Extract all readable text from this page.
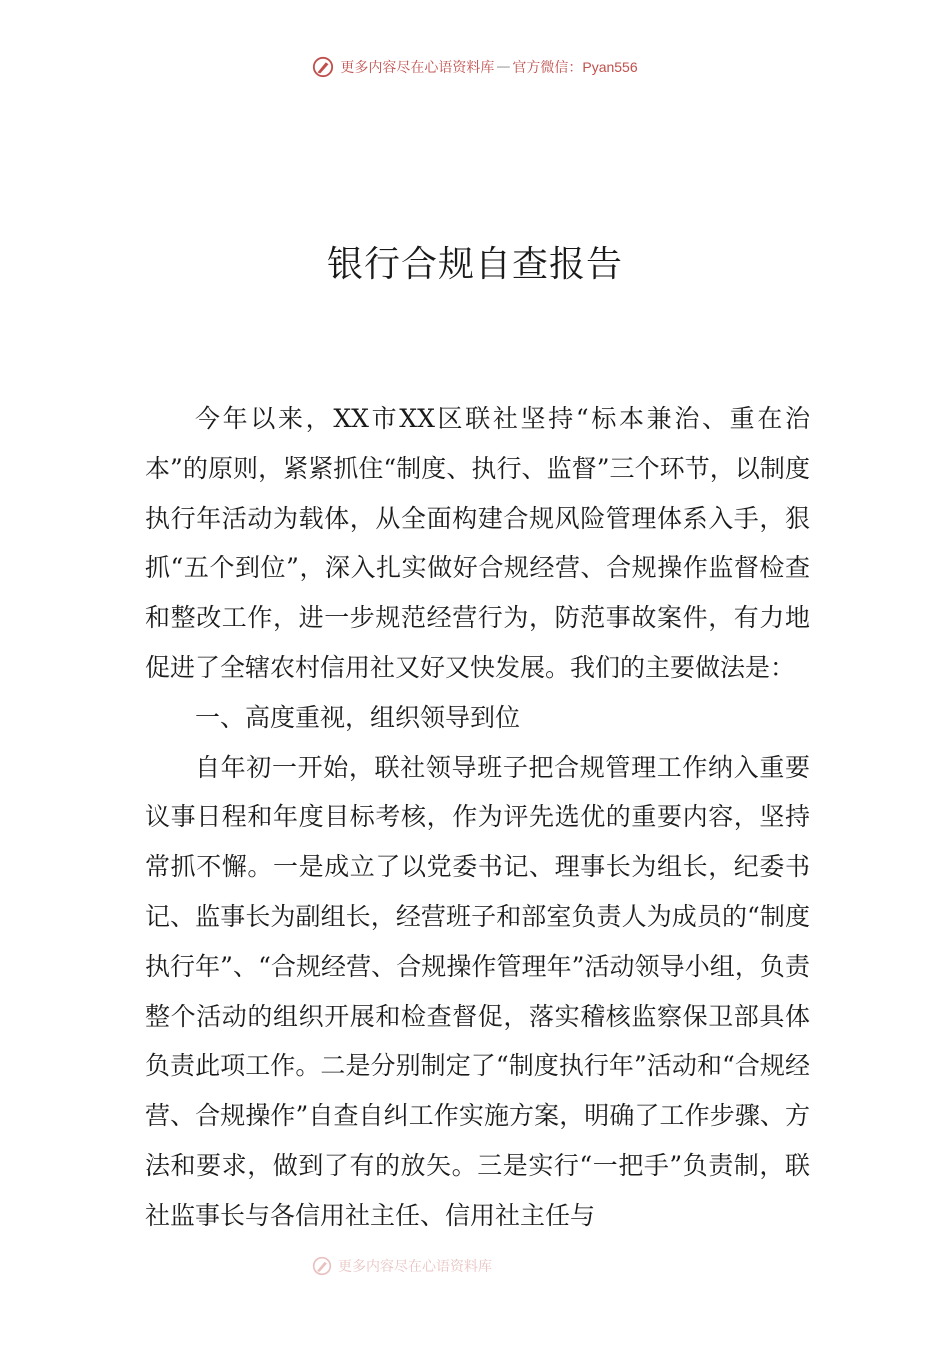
更多内容尽在心语资料库 — 官方微信： Pyan556
银行合规自查报告

今年以来，XX市XX区联社坚持“标本兼治、重在治本”的原则，紧紧抓住“制度、执行、监督”三个环节，以制度执行年活动为载体，从全面构建合规风险管理体系入手，狠抓“五个到位”，深入扎实做好合规经营、合规操作监督检查和整改工作，进一步规范经营行为，防范事故案件，有力地促进了全辖农村信用社又好又快发展。我们的主要做法是：

一、高度重视，组织领导到位

自年初一开始，联社领导班子把合规管理工作纳入重要议事日程和年度目标考核，作为评先选优的重要内容，坚持常抓不懈。一是成立了以党委书记、理事长为组长，纪委书记、监事长为副组长，经营班子和部室负责人为成员的“制度执行年”、“合规经营、合规操作管理年”活动领导小组，负责整个活动的组织开展和检查督促，落实稽核监察保卫部具体负责此项工作。二是分别制定了“制度执行年”活动和“合规经营、合规操作”自查自纠工作实施方案，明确了工作步骤、方法和要求，做到了有的放矢。三是实行“一把手”负责制，联社监事长与各信用社主任、信用社主任与

更多内容尽在心语资料库
